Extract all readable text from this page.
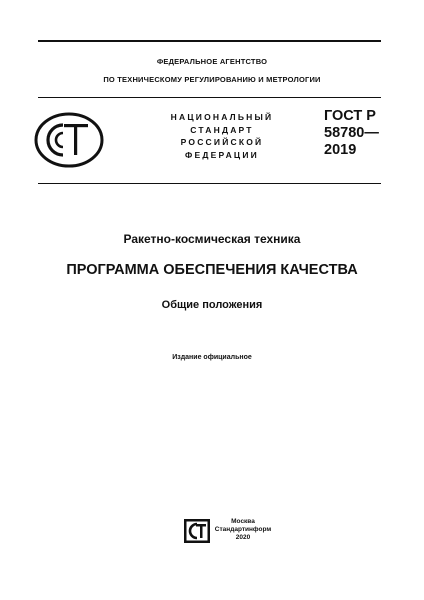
ФЕДЕРАЛЬНОЕ АГЕНТСТВО
ПО ТЕХНИЧЕСКОМУ РЕГУЛИРОВАНИЮ И МЕТРОЛОГИИ
НАЦИОНАЛЬНЫЙ
СТАНДАРТ
РОССИЙСКОЙ
ФЕДЕРАЦИИ
ГОСТ Р
58780—
2019
Ракетно-космическая техника
ПРОГРАММА ОБЕСПЕЧЕНИЯ КАЧЕСТВА
Общие положения
Издание официальное
Москва
Стандартинформ
2020
